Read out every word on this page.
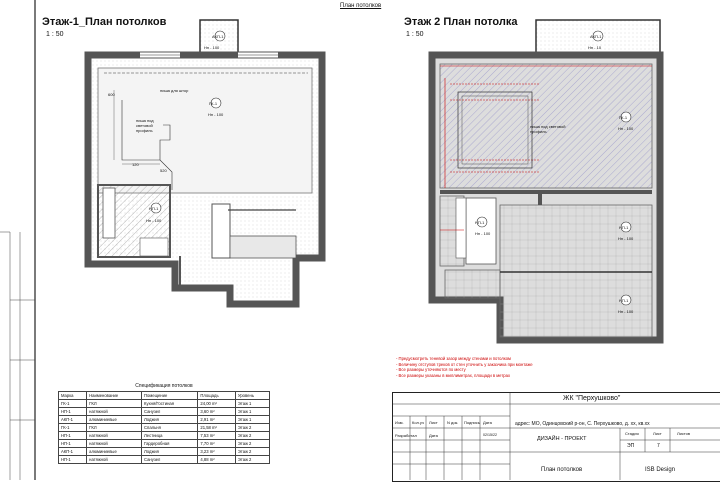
План потолков
Этаж-1_План потолков
1 : 50
Этаж 2 План потолка
1 : 50
АКП-1
Нп - 100
ГК-1
Нп - 100
НП-1
Нп - 100
ниша для штор
ниша под световой профиль
600
120
520
АКП-1
Нп - 10
ГК-1
Нп - 100
НП-1
Нп - 100
НП-1
Нп - 100
НП-1
Нп - 100
ниша под световой профиль
- Предусмотреть теневой зазор между стенами и потолком
- Величину отступов треков от стен уточнить у заказчика при монтаже
- Все размеры уточняются по месту
- Все размеры указаны в миллиметрах, площади в метрах
Спецификация потолков
Марка	Наименование	Помещение	Площадь	Уровень
ГК-1	ГКЛ	Кухня/Гостиная	24,00 m²	Этаж 1
НП-1	натяжной	Санузел	3,60 m²	Этаж 1
АКП-1	алюминиевые	Лоджия	2,91 m²	Этаж 1
ГК-1	ГКЛ	Спальня	21,58 m²	Этаж 2
НП-1	натяжной	Лестница	7,53 m²	Этаж 2
НП-1	натяжной	Гардеробная	7,70 m²	Этаж 2
АКП-1	алюминиевые	Лоджия	3,23 m²	Этаж 2
НП-1	натяжной	Санузел	4,88 m²	Этаж 2
ЖК "Перхушково"
адрес: МО, Одинцовский р-он, С. Перхушково, д. хх, кв.хх
Изм. Кол.уч Лист N док. Подпись Дата
Разработал	Дата	02/15/22
ДИЗАЙН - ПРОЕКТ
Стадия	Лист	Листов
ЭП	7
План потолков	ISB Design
